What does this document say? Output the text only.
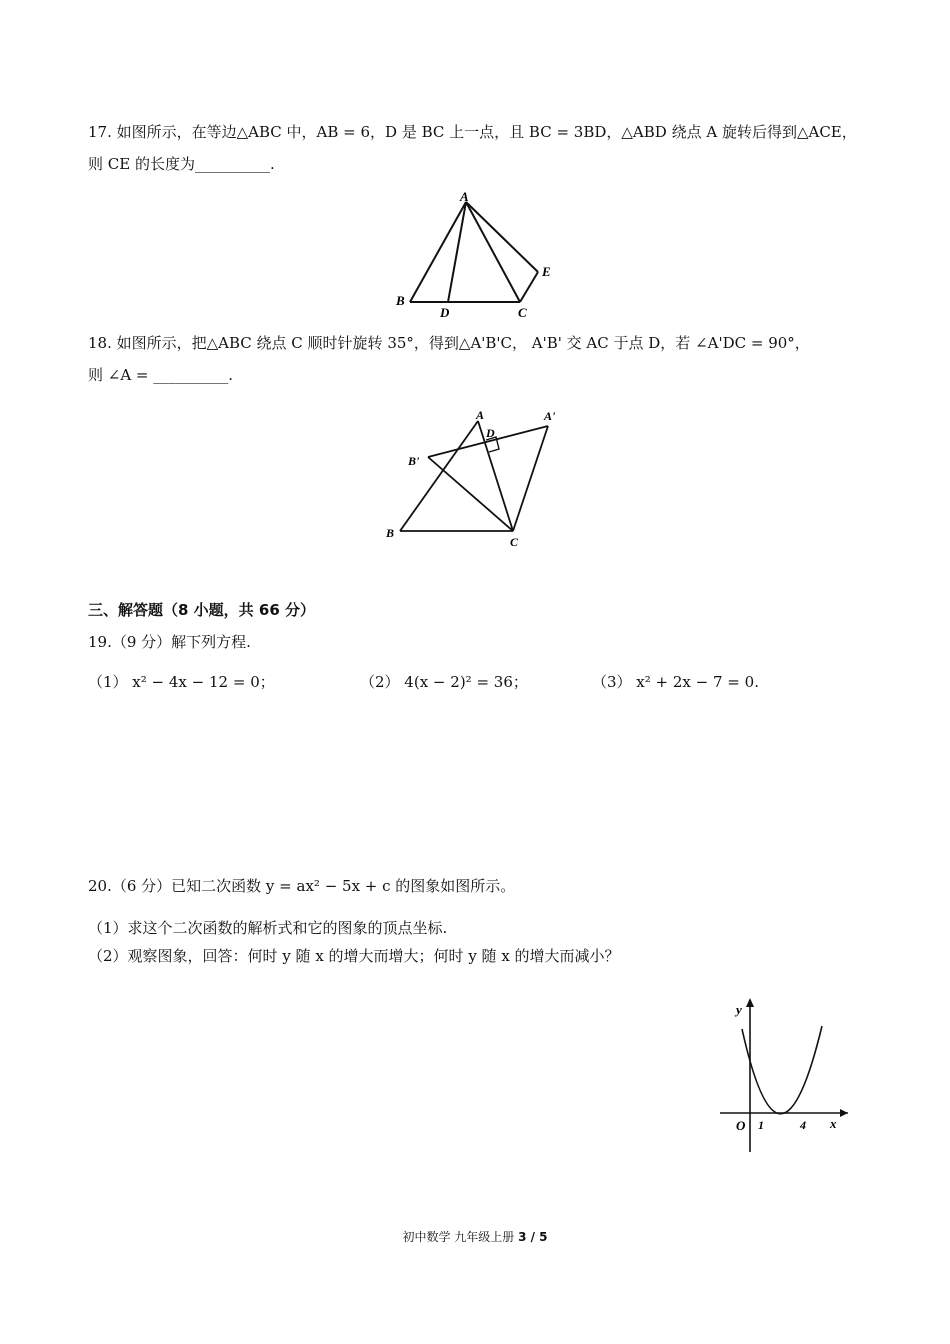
17. 如图所示，在等边△ABC 中，AB = 6，D 是 BC 上一点，且 BC = 3BD，△ABD 绕点 A 旋转后得到△ACE，
则 CE 的长度为__________.
A
B
D	C
E
18. 如图所示，把△ABC 绕点 C 顺时针旋转 35°，得到△A'B'C， A'B' 交 AC 于点 D，若 ∠A'DC = 90°，
则 ∠A = __________.
A	A'
D
B'
B
C
三、解答题（8 小题，共 66 分）
19.（9 分）解下列方程.
（1） x² − 4x − 12 = 0；	（2） 4(x − 2)² = 36；	（3） x² + 2x − 7 = 0.
20.（6 分）已知二次函数 y = ax² − 5x + c 的图象如图所示。
（1）求这个二次函数的解析式和它的图象的顶点坐标.
（2）观察图象，回答：何时 y 随 x 的增大而增大；何时 y 随 x 的增大而减小？
y
x
O 1	4
初中数学 九年级上册 3 / 5
